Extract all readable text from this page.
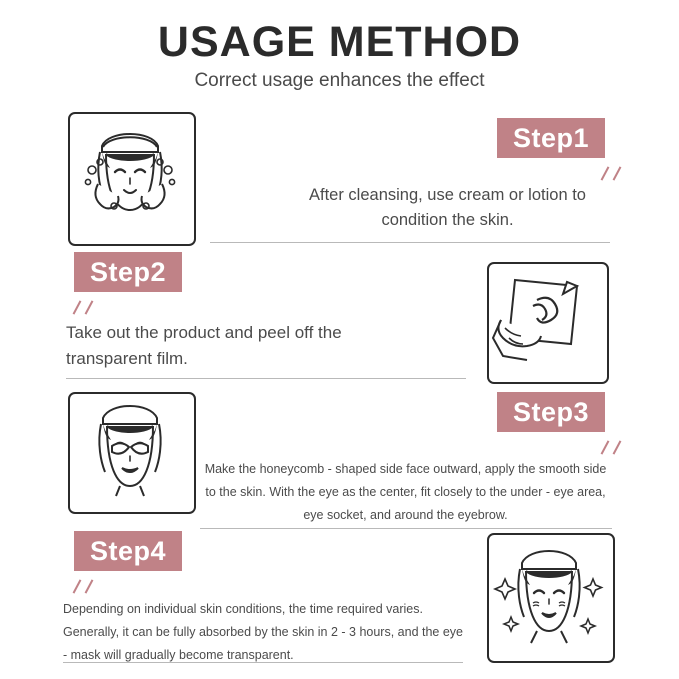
USAGE METHOD
Correct usage enhances the effect
Step1
After cleansing, use cream or lotion to condition the skin.
Step2
Take out the product and peel off the transparent film.
Step3
Make the honeycomb - shaped side face outward, apply the smooth side to the skin. With the eye as the center, fit closely to the under - eye area, eye socket, and around the eyebrow.
Step4
Depending on individual skin conditions, the time required varies. Generally, it can be fully absorbed by the skin in 2 - 3 hours, and the eye - mask will gradually become transparent.
